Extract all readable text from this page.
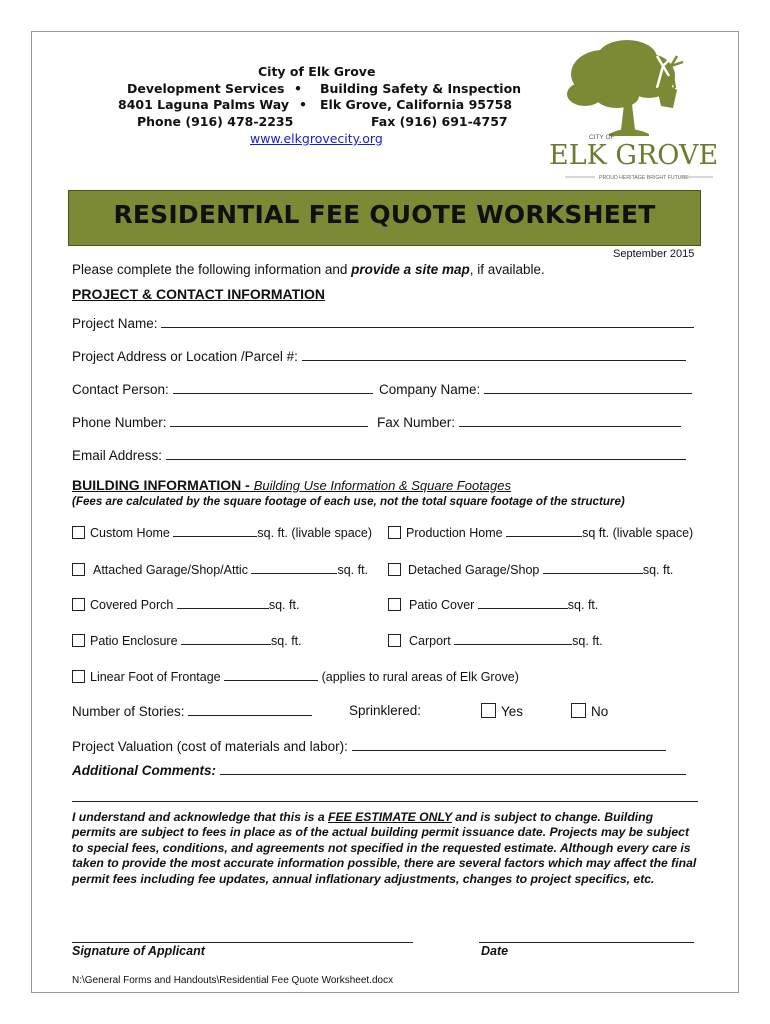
City of Elk Grove
Development Services • Building Safety & Inspection
8401 Laguna Palms Way • Elk Grove, California 95758
Phone (916) 478-2235	Fax (916) 691-4757
www.elkgrovecity.org	CITY OF
ELK GROVE
PROUD HERITAGE BRIGHT FUTURE
RESIDENTIAL FEE QUOTE WORKSHEET
September 2015
Please complete the following information and provide a site map, if available.
PROJECT & CONTACT INFORMATION
Project Name:
Project Address or Location /Parcel #:
Contact Person:	Company Name:
Phone Number:	Fax Number:
Email Address:
BUILDING INFORMATION - Building Use Information & Square Footages
(Fees are calculated by the square footage of each use, not the total square footage of the structure)
Custom Home	sq. ft. (livable space)	Production Home	sq ft. (livable space)
Attached Garage/Shop/Attic	sq. ft.	Detached Garage/Shop	sq. ft.
Covered Porch	sq. ft.	Patio Cover	sq. ft.
Patio Enclosure	sq. ft.	Carport	sq. ft.
Linear Foot of Frontage	(applies to rural areas of Elk Grove)
Number of Stories:	Sprinklered:	Yes	No
Project Valuation (cost of materials and labor):
Additional Comments:
I understand and acknowledge that this is a FEE ESTIMATE ONLY and is subject to change. Building permits are subject to fees in place as of the actual building permit issuance date. Projects may be subject to special fees, conditions, and agreements not specified in the requested estimate. Although every care is taken to provide the most accurate information possible, there are several factors which may affect the final permit fees including fee updates, annual inflationary adjustments, changes to project specifics, etc.
Signature of Applicant	Date
N:\General Forms and Handouts\Residential Fee Quote Worksheet.docx
